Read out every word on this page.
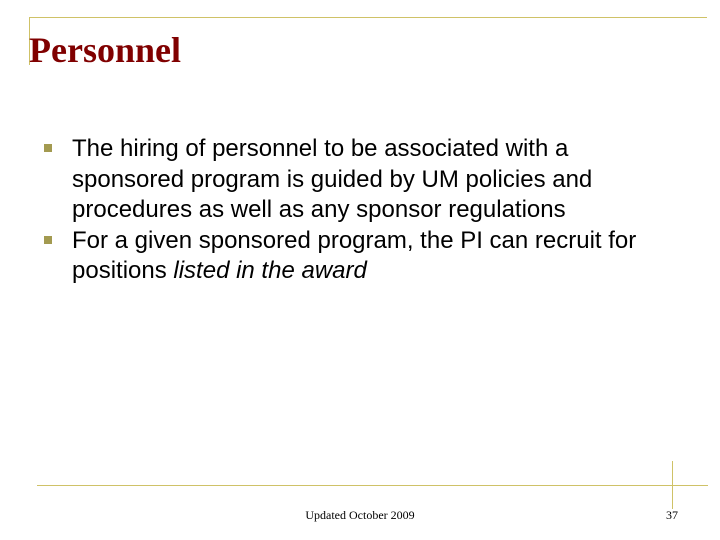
Personnel
The hiring of personnel to be associated with a sponsored program is guided by UM policies and procedures as well as any sponsor regulations
For a given sponsored program, the PI can recruit for positions listed in the award
Updated October 2009	37
